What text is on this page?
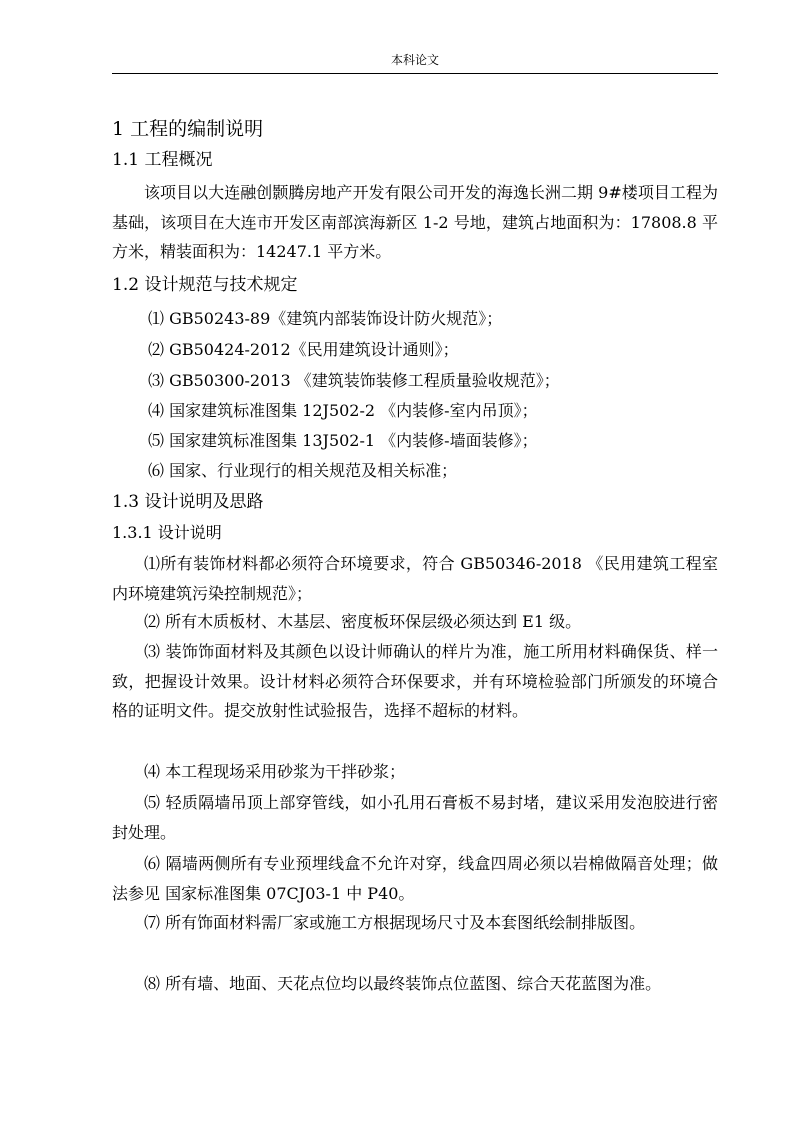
本科论文
1 工程的编制说明
1.1 工程概况
该项目以大连融创颢腾房地产开发有限公司开发的海逸长洲二期 9#楼项目工程为基础，该项目在大连市开发区南部滨海新区 1-2 号地，建筑占地面积为：17808.8 平方米，精装面积为：14247.1 平方米。
1.2 设计规范与技术规定
⑴ GB50243-89《建筑内部装饰设计防火规范》；
⑵ GB50424-2012《民用建筑设计通则》；
⑶ GB50300-2013 《建筑装饰装修工程质量验收规范》；
⑷ 国家建筑标准图集 12J502-2 《内装修-室内吊顶》；
⑸ 国家建筑标准图集 13J502-1 《内装修-墙面装修》；
⑹ 国家、行业现行的相关规范及相关标准；
1.3 设计说明及思路
1.3.1 设计说明
⑴所有装饰材料都必须符合环境要求，符合 GB50346-2018 《民用建筑工程室内环境建筑污染控制规范》；
⑵ 所有木质板材、木基层、密度板环保层级必须达到 E1 级。
⑶ 装饰饰面材料及其颜色以设计师确认的样片为准，施工所用材料确保货、样一致，把握设计效果。设计材料必须符合环保要求，并有环境检验部门所颁发的环境合格的证明文件。提交放射性试验报告，选择不超标的材料。
⑷ 本工程现场采用砂浆为干拌砂浆；
⑸ 轻质隔墙吊顶上部穿管线，如小孔用石膏板不易封堵，建议采用发泡胶进行密封处理。
⑹ 隔墙两侧所有专业预埋线盒不允许对穿，线盒四周必须以岩棉做隔音处理；做法参见 国家标准图集 07CJ03-1 中 P40。
⑺ 所有饰面材料需厂家或施工方根据现场尺寸及本套图纸绘制排版图。
⑻ 所有墙、地面、天花点位均以最终装饰点位蓝图、综合天花蓝图为准。
